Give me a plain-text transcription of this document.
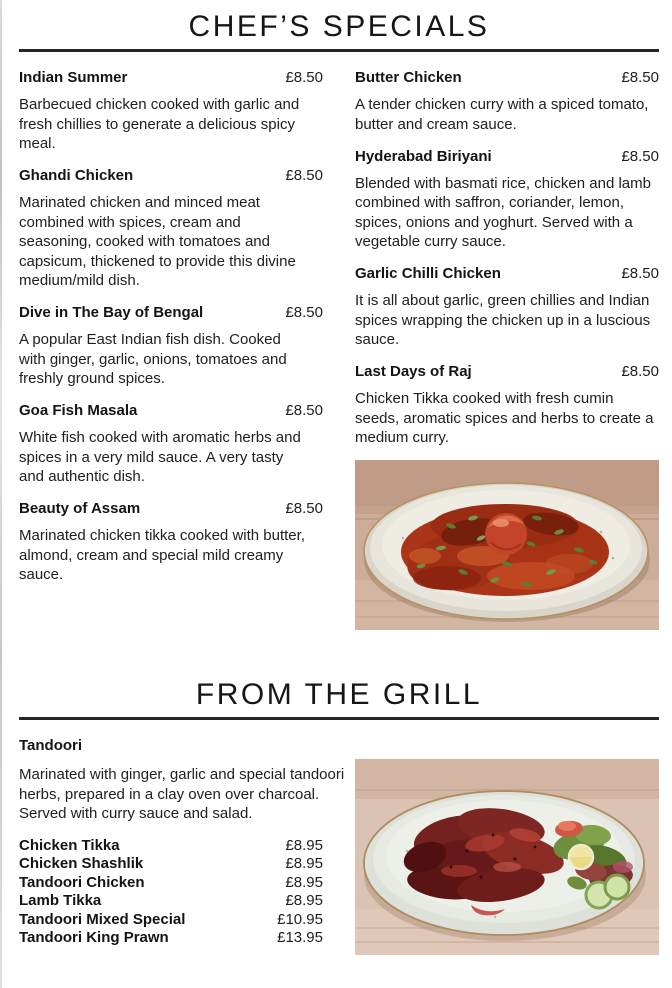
CHEF’S SPECIALS
Indian Summer	£8.50

Barbecued chicken cooked with garlic and fresh chillies to generate a delicious spicy meal.

Ghandi Chicken	£8.50

Marinated chicken and minced meat combined with spices, cream and seasoning, cooked with tomatoes and capsicum, thickened to provide this divine medium/mild dish.

Dive in The Bay of Bengal	£8.50

A popular East Indian fish dish. Cooked with ginger, garlic, onions, tomatoes and freshly ground spices.

Goa Fish Masala	£8.50

White fish cooked with aromatic herbs and spices in a very mild sauce. A very tasty and authentic dish.

Beauty of Assam	£8.50

Marinated chicken tikka cooked with butter, almond, cream and special mild creamy sauce.

Butter Chicken	£8.50

A tender chicken curry with a spiced tomato, butter and cream sauce.

Hyderabad Biriyani	£8.50

Blended with basmati rice, chicken and lamb combined with saffron, coriander, lemon, spices, onions and yoghurt. Served with a vegetable curry sauce.

Garlic Chilli Chicken	£8.50

It is all about garlic, green chillies and Indian spices wrapping the chicken up in a luscious sauce.

Last Days of Raj	£8.50

Chicken Tikka cooked with fresh cumin seeds, aromatic spices and herbs to create a medium curry.

FROM THE GRILL

Tandoori

Marinated with ginger, garlic and special tandoori herbs, prepared in a clay oven over charcoal. Served with curry sauce and salad.

Chicken Tikka	£8.95
Chicken Shashlik	£8.95
Tandoori Chicken	£8.95
Lamb Tikka	£8.95
Tandoori Mixed Special	£10.95
Tandoori King Prawn	£13.95
